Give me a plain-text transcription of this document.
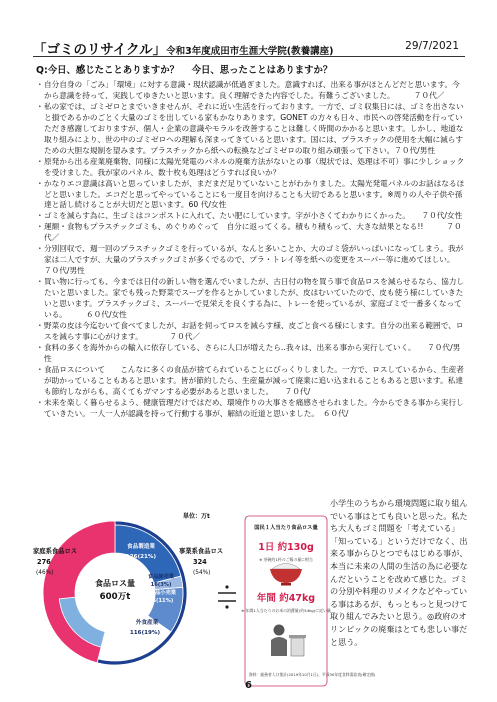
「ゴミのリサイクル」令和3年度成田市生涯大学院(教養講座)	29/7/2021
Q:今日、感じたことありますか？　 今日、思ったことはありますか？

・ 自分自身の「ごみ」「環境」に対する意識・現状認識が低過ぎました。意識すれば、出来る事がほとんどだと思います。今から意識を持って、実践してゆきたいと思います。良く理解できた内容でした。有難うございました。　　　７０代／

・ 私の家では、ゴミゼロとまでいきませんが、それに近い生活を行っております。一方で、ゴミ収集日には、ゴミを出さないと損であるかのごとく大量のゴミを出している家もかなりあります。GONET の方々も日々、市民への啓発活動を行っていただき感謝しておりますが、個人・企業の意識やモラルを改善することは難しく時間のかかると思います。しかし、地道な取り組みにより、世の中のゴミゼロへの理解も深まってきていると思います。国には、プラスチックの使用を大幅に減らすための大胆な規制を望みます。プラスチックから紙への転換などゴミゼロの取り組み頑張って下さい。７０代/男性

・ 原発から出る産業廃棄物、同様に太陽光発電のパネルの廃棄方法がないとの事（現状では、処理は不可）事に少しショックを受けました。我が家のパネル、数十枚も処理はどうすれば良いか？

・ かなりエコ意識は高いと思っていましたが、まだまだ足りていないことがわかりました。太陽光発電パネルのお話はなるほどと思いました。エコだと思ってやっていることにも一度目を向けることも大切であると思います。※周りの人や子供や孫達と話し続けることが大切だと思います。60 代/女性

・ ゴミを減らす為に、生ゴミはコンポストに入れて、たい肥にしています。字が小さくてわかりにくかった。　　７０代/女性

・ 運額・食物もプラスチックゴミも、めぐりめぐって　自分に返ってくる。積もり積もって、大きな結果となる!!　　　７０代／

・ 分別回収で、週一回のプラスチックゴミを行っているが、なんと多いことか、大のゴミ袋がいっぱいになってしまう。我が家は二人ですが、大量のプラスチックゴミが多くでるので、プラ・トレイ等を紙への変更をスーパー等に進めてほしい。　　　　７０代/男性

・ 買い物に行っても、今までは日付の新しい物を選んでいましたが、古日付の物を買う事で食品ロスを減らせるなら、協力したいと思いました。家でも残った野菜でスープを作るとかしていましたが、皮はむいていたので、皮も使う様にしていきたいと思います。プラスチックゴミ、スーパーで見栄えを良くする為に、トレーを使っているが、家庭ゴミで一番多くなっている。　　　６０代/女性

・ 野菜の皮は今迄むいて食べてましたが、お話を伺ってロスを減らす様、皮ごと食べる様にします。自分の出来る範囲で、ロスを減らす事に心がけます。　　　　７０代／

・ 食料の多くを海外からの輸入に依存している、さらに人口が増えたら‥我々は、出来る事から実行していく。　　７０代/男性

・ 食品ロスについて　　こんなに多くの食品が捨てられていることにびっくりしました。一方で、ロスしているから、生産者が助かっていることもあると思います。皆が節約したら、生産量が減って廃業に追い込まれることもあると思います。私達も節約しながらも、高くてもガマンする必要があると思いました。　　７０代/

・ 未来を楽しく暮らせるよう、健康管理だけではだめ、環境作りの大事さを痛感させられました。今からできる事から実行していきたい。一人一人が認識を持って行動する事が、解結の近道と思いました。　６０代/

単位：万t
家庭系食品ロス
276
(46%)
事業系食品ロス
324
(54%)
食品ロス量
600万t
食品製造業
126(21%)
食品卸売業
16(3%)
食品小売業
66(11%)
外食産業
116(19%)
国民１人当たり食品ロス量
1日 約130g
※ 茶碗約1杯のご飯の量に相当
年間 約47kg
※ 年間1人当たりのお米の消費量(約54kg)に近い量
資料：総務省人口推計(2019年10月1日)、平成30年度食料需給表(確定値)
小学生のうちから環境問題に取り組んでいる事はとても良いと思った。私たち大人もゴミ問題を「考えている」「知っている」というだけでなく、出来る事からひとつでもはじめる事が、本当に未来の人間の生活の為に必要なんだということを改めて感じた。ゴミの分別や料理のリメイクなどやっている事はあるが、もっともっと見つけて取り組んでみたいと思う。◎政府のオリンピックの廃棄はとても悲しい事だと思う。
6
